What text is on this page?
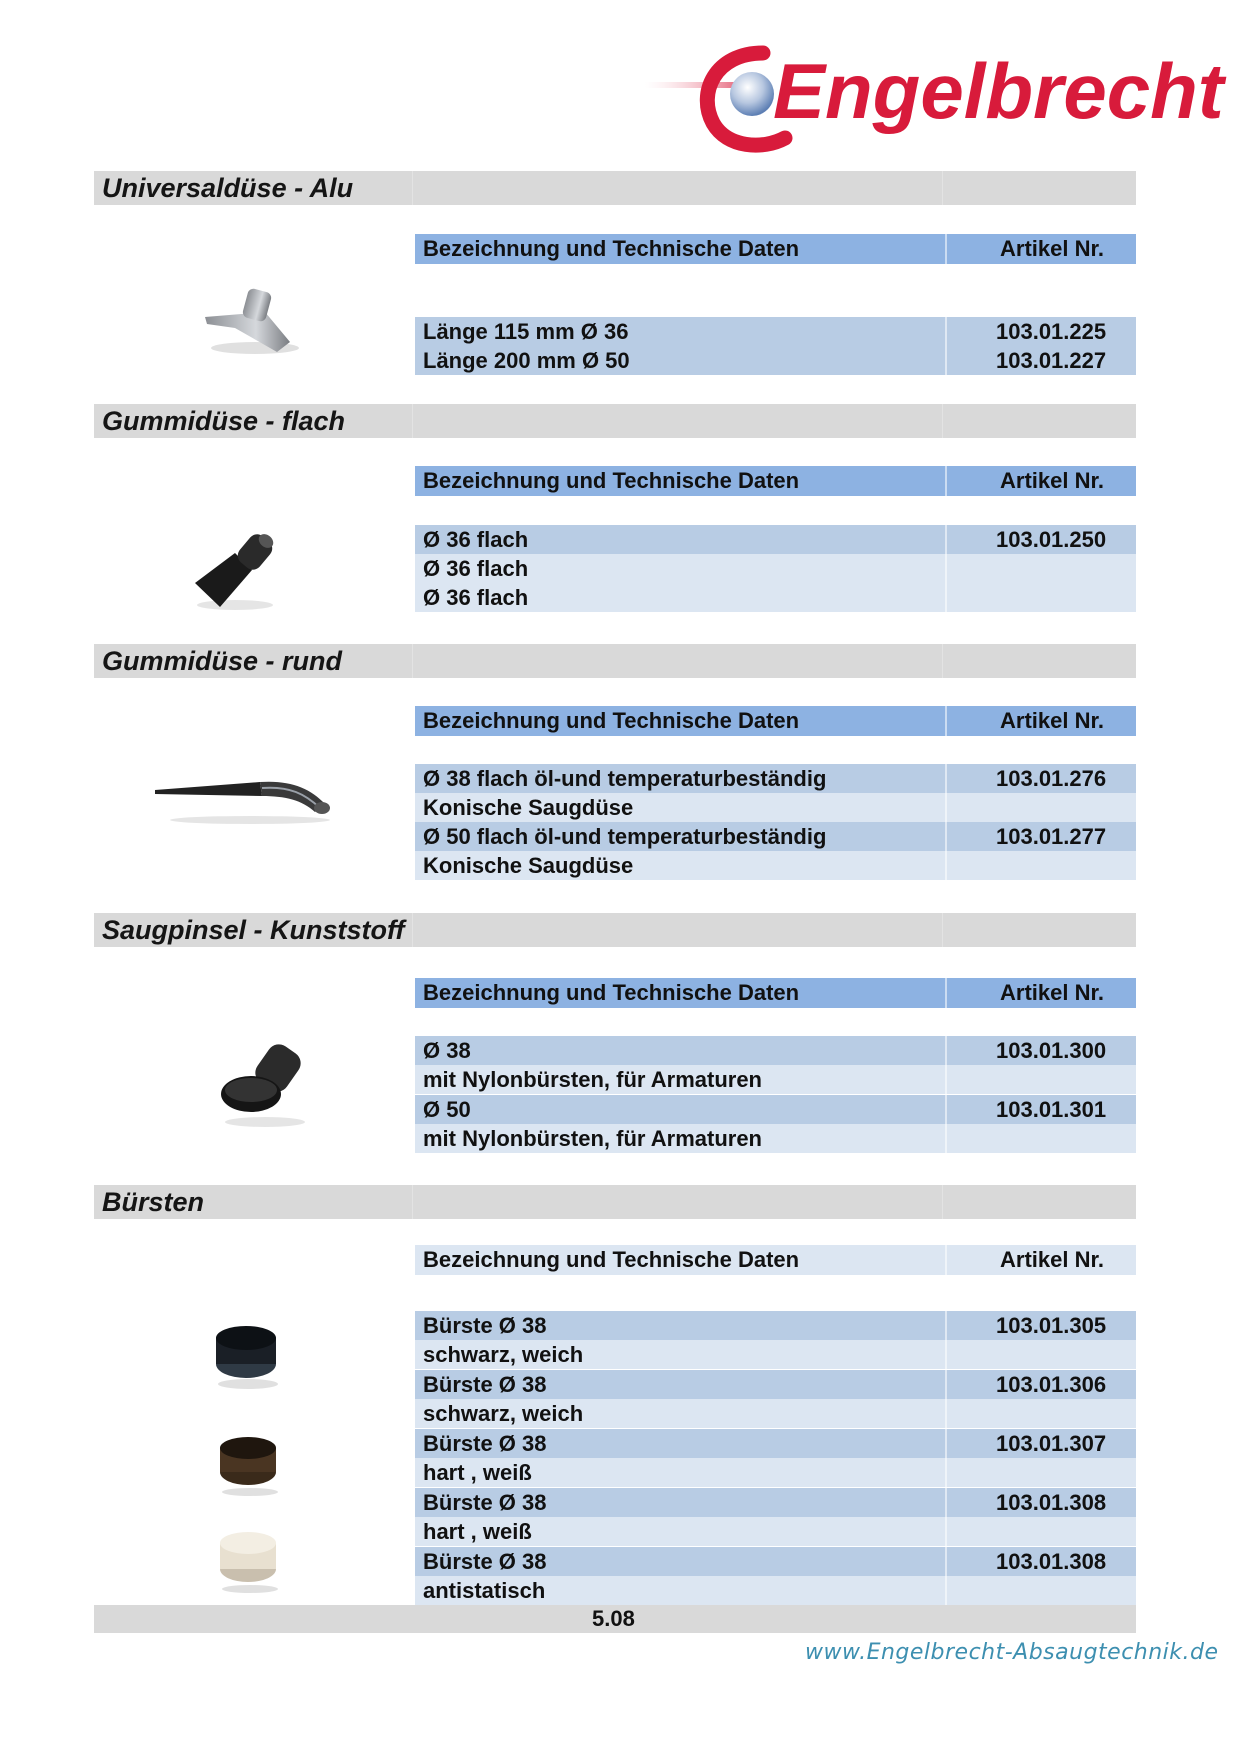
Engelbrecht
Universaldüse - Alu
Bezeichnung und Technische Daten	Artikel Nr.
Länge 115 mm Ø 36	103.01.225
Länge 200 mm Ø 50	103.01.227
Gummidüse - flach
Bezeichnung und Technische Daten	Artikel Nr.
Ø 36 flach	103.01.250
Ø 36 flach
Ø 36 flach
Gummidüse - rund
Bezeichnung und Technische Daten	Artikel Nr.
Ø 38 flach öl-und temperaturbeständig	103.01.276
Konische Saugdüse
Ø 50 flach öl-und temperaturbeständig	103.01.277
Konische Saugdüse
Saugpinsel - Kunststoff
Bezeichnung und Technische Daten	Artikel Nr.
Ø 38	103.01.300
mit Nylonbürsten, für Armaturen
Ø 50	103.01.301
mit Nylonbürsten, für Armaturen
Bürsten
Bezeichnung und Technische Daten	Artikel Nr.
Bürste Ø 38	103.01.305
schwarz, weich
Bürste Ø 38	103.01.306
schwarz, weich
Bürste Ø 38	103.01.307
hart , weiß
Bürste Ø 38	103.01.308
hart , weiß
Bürste Ø 38	103.01.308
antistatisch
5.08
www.Engelbrecht-Absaugtechnik.de
